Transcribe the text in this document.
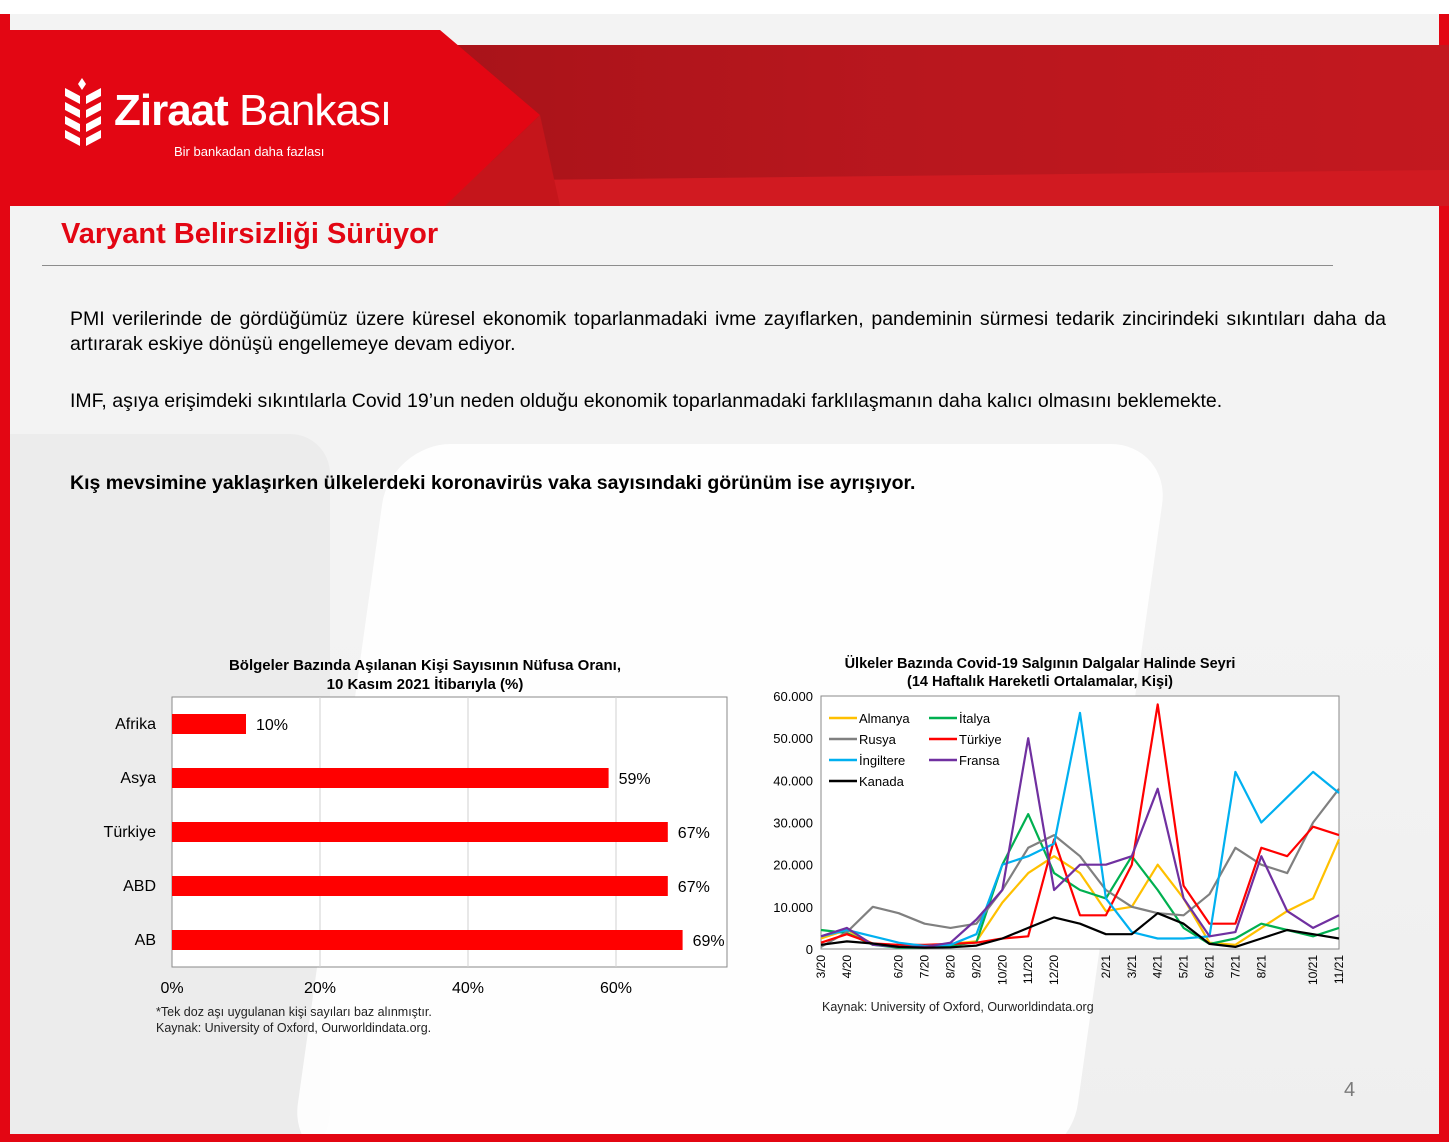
Ziraat Bankası
Bir bankadan daha fazlası
Varyant Belirsizliği Sürüyor
PMI verilerinde de gördüğümüz üzere küresel ekonomik toparlanmadaki ivme zayıflarken, pandeminin sürmesi tedarik zincirindeki sıkıntıları daha da artırarak eskiye dönüşü engellemeye devam ediyor.
IMF, aşıya erişimdeki sıkıntılarla Covid 19’un neden olduğu ekonomik toparlanmadaki farklılaşmanın daha kalıcı olmasını beklemekte.
Kış mevsimine yaklaşırken ülkelerdeki koronavirüs vaka sayısındaki görünüm ise ayrışıyor.
Bölgeler Bazında Aşılanan Kişi Sayısının Nüfusa Oranı,
10 Kasım 2021 İtibarıyla (%)
0%	20%	40%	60%
Afrika	10%
Asya	59%
Türkiye	67%
ABD	67%
AB	69%
*Tek doz aşı uygulanan kişi sayıları baz alınmıştır.
Kaynak: University of Oxford, Ourworldindata.org.
Ülkeler Bazında Covid-19 Salgının Dalgalar Halinde Seyri
(14 Haftalık Hareketli Ortalamalar, Kişi)
0
10.000
20.000
30.000
40.000
50.000
60.000
3/20 4/20	6/20 7/20 8/20 9/20 10/20 11/20 12/20	2/21 3/21 4/21 5/21 6/21 7/21 8/21	10/21 11/21
Almanya	İtalya
Rusya	Türkiye
İngiltere	Fransa
Kanada
Kaynak: University of Oxford, Ourworldindata.org
4
